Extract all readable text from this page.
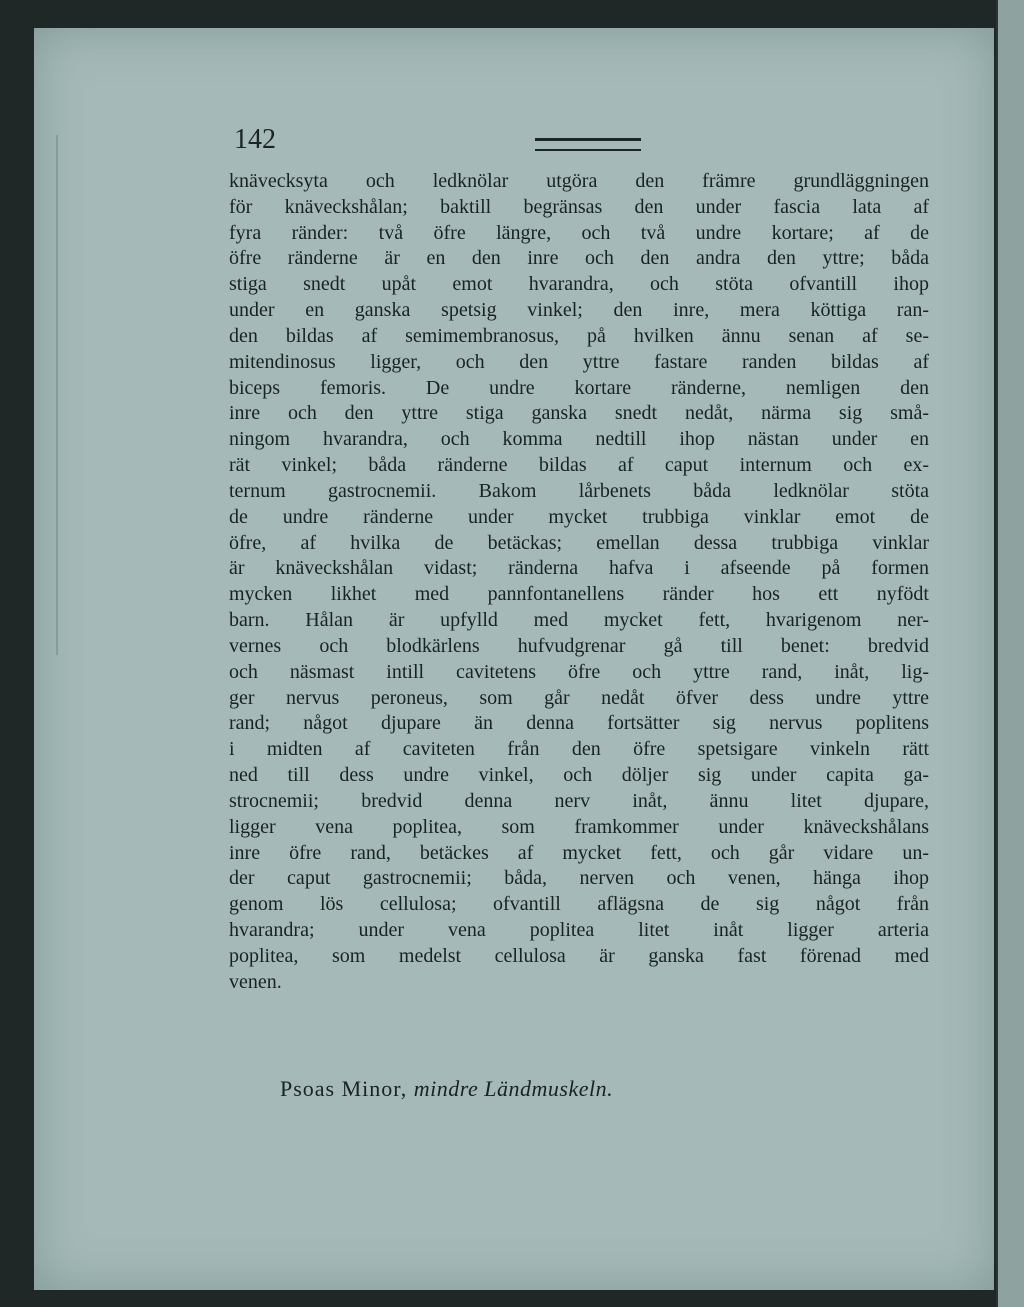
142
knävecksyta och ledknölar utgöra den främre grundläggningen
för knäveckshålan; baktill begränsas den under fascia lata af
fyra ränder: två öfre längre, och två undre kortare; af de
öfre ränderne är en den inre och den andra den yttre; båda
stiga snedt upåt emot hvarandra, och stöta ofvantill ihop
under en ganska spetsig vinkel; den inre, mera köttiga ran-
den bildas af semimembranosus, på hvilken ännu senan af se-
mitendinosus ligger, och den yttre fastare randen bildas af
biceps femoris. De undre kortare ränderne, nemligen den
inre och den yttre stiga ganska snedt nedåt, närma sig små-
ningom hvarandra, och komma nedtill ihop nästan under en
rät vinkel; båda ränderne bildas af caput internum och ex-
ternum gastrocnemii. Bakom lårbenets båda ledknölar stöta
de undre ränderne under mycket trubbiga vinklar emot de
öfre, af hvilka de betäckas; emellan dessa trubbiga vinklar
är knäveckshålan vidast; ränderna hafva i afseende på formen
mycken likhet med pannfontanellens ränder hos ett nyfödt
barn. Hålan är upfylld med mycket fett, hvarigenom ner-
vernes och blodkärlens hufvudgrenar gå till benet: bredvid
och näsmast intill cavitetens öfre och yttre rand, inåt, lig-
ger nervus peroneus, som går nedåt öfver dess undre yttre
rand; något djupare än denna fortsätter sig nervus poplitens
i midten af caviteten från den öfre spetsigare vinkeln rätt
ned till dess undre vinkel, och döljer sig under capita ga-
strocnemii; bredvid denna nerv inåt, ännu litet djupare,
ligger vena poplitea, som framkommer under knäveckshålans
inre öfre rand, betäckes af mycket fett, och går vidare un-
der caput gastrocnemii; båda, nerven och venen, hänga ihop
genom lös cellulosa; ofvantill aflägsna de sig något från
hvarandra; under vena poplitea litet inåt ligger arteria
poplitea, som medelst cellulosa är ganska fast förenad med
venen.
Psoas Minor, mindre Ländmuskeln.
